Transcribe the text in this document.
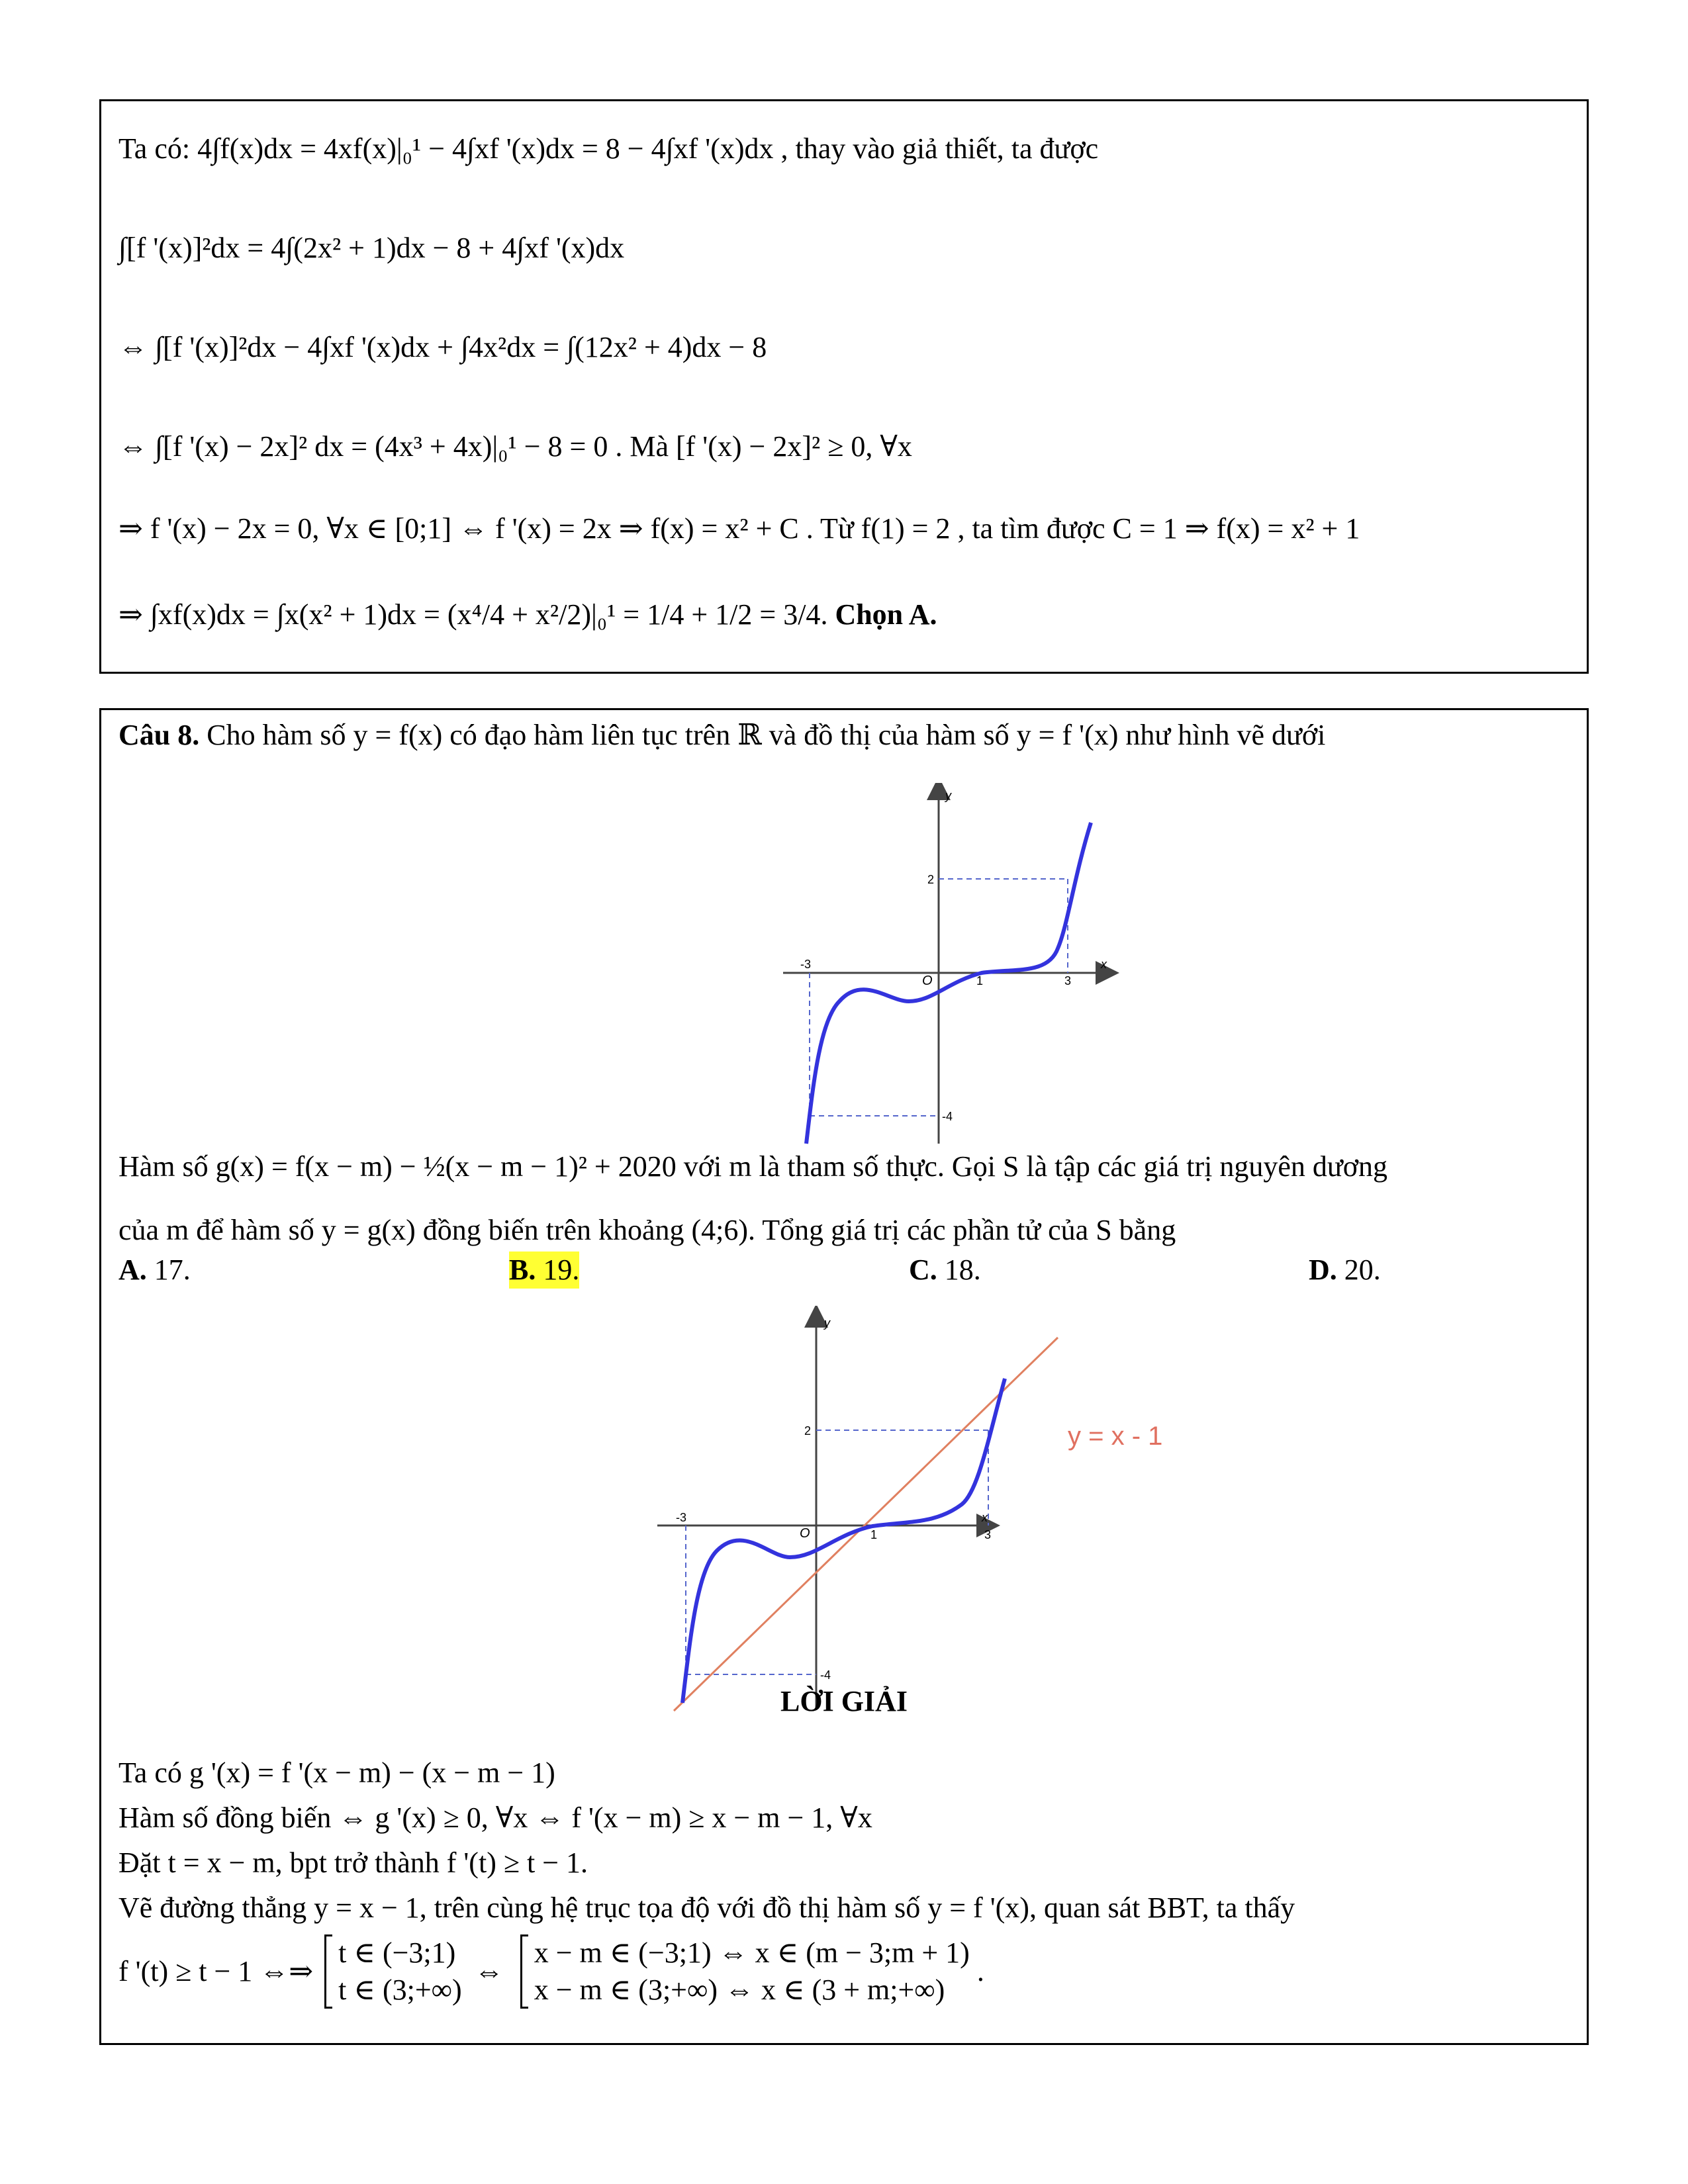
Ta có: 4∫f(x)dx = 4xf(x)|₀¹ − 4∫xf '(x)dx = 8 − 4∫xf '(x)dx , thay vào giả thiết, ta được
∫[f '(x)]²dx = 4∫(2x² + 1)dx − 8 + 4∫xf '(x)dx
⇔ ∫[f '(x)]²dx − 4∫xf '(x)dx + ∫4x²dx = ∫(12x² + 4)dx − 8
⇔ ∫[f '(x) − 2x]² dx = (4x³ + 4x)|₀¹ − 8 = 0 . Mà [f '(x) − 2x]² ≥ 0, ∀x
⇒ f '(x) − 2x = 0, ∀x ∈ [0;1] ⇔ f '(x) = 2x ⇒ f(x) = x² + C . Từ f(1) = 2 , ta tìm được C = 1 ⇒ f(x) = x² + 1
⇒ ∫xf(x)dx = ∫x(x² + 1)dx = (x⁴/4 + x²/2)|₀¹ = 1/4 + 1/2 = 3/4. Chọn A.
Câu 8. Cho hàm số y = f(x) có đạo hàm liên tục trên ℝ và đồ thị của hàm số y = f '(x) như hình vẽ dưới
y
x
O
-3
1	3
2
-4
Hàm số g(x) = f(x − m) − ½(x − m − 1)² + 2020 với m là tham số thực. Gọi S là tập các giá trị nguyên dương
của m để hàm số y = g(x) đồng biến trên khoảng (4;6). Tổng giá trị các phần tử của S bằng
A. 17.	B. 19.	C. 18.	D. 20.
y
x
O
-3
1	3
2
-4
y = x - 1
LỜI GIẢI
Ta có g '(x) = f '(x − m) − (x − m − 1)
Hàm số đồng biến ⇔ g '(x) ≥ 0, ∀x ⇔ f '(x − m) ≥ x − m − 1, ∀x
Đặt t = x − m, bpt trở thành f '(t) ≥ t − 1.
Vẽ đường thẳng y = x − 1, trên cùng hệ trục tọa độ với đồ thị hàm số y = f '(x), quan sát BBT, ta thấy
f '(t) ≥ t − 1 ⇔⇒
t ∈ (−3;1)
t ∈ (3;+∞)
⇔
x − m ∈ (−3;1) ⇔ x ∈ (m − 3;m + 1)
x − m ∈ (3;+∞) ⇔ x ∈ (3 + m;+∞)
.
